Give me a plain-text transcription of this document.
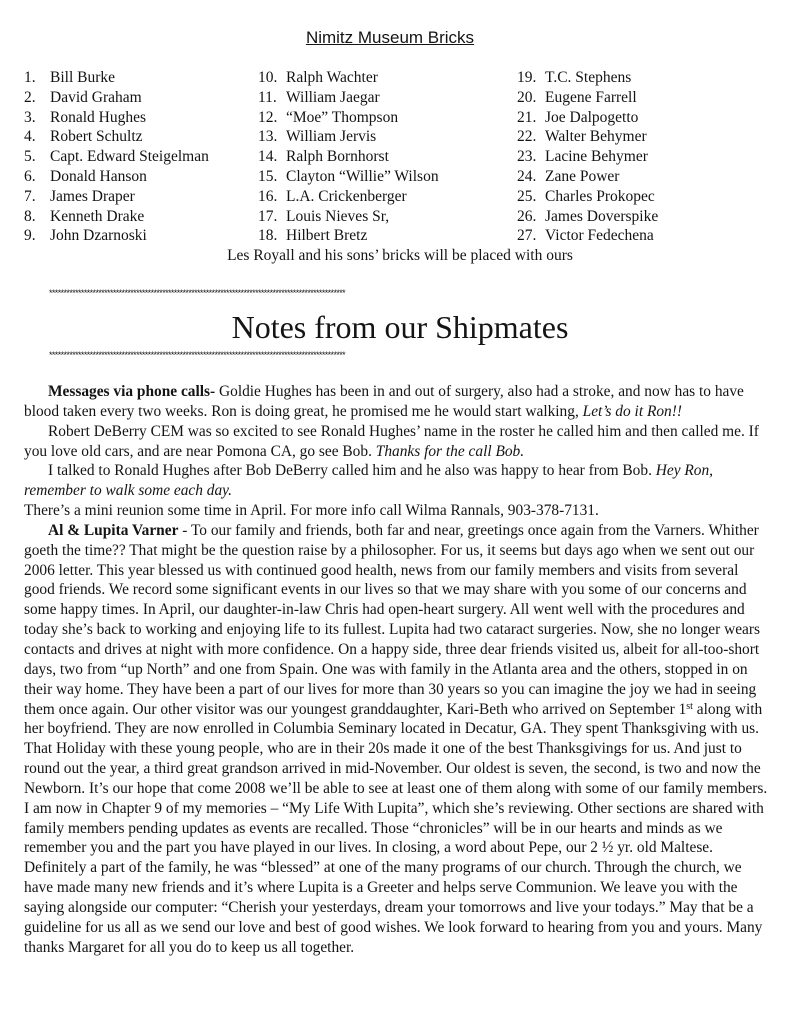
Nimitz Museum Bricks
1. Bill Burke
2. David Graham
3. Ronald Hughes
4. Robert Schultz
5. Capt. Edward Steigelman
6. Donald Hanson
7. James Draper
8. Kenneth Drake
9. John Dzarnoski
10. Ralph Wachter
11. William Jaegar
12. “Moe” Thompson
13. William Jervis
14. Ralph Bornhorst
15. Clayton “Willie” Wilson
16. L.A. Crickenberger
17. Louis Nieves Sr,
18. Hilbert Bretz
19. T.C. Stephens
20. Eugene Farrell
21. Joe Dalpogetto
22. Walter Behymer
23. Lacine Behymer
24. Zane Power
25. Charles Prokopec
26. James Doverspike
27. Victor Fedechena
Les Royall and his sons’ bricks will be placed with ours
******************************************************************************************************
Notes from our Shipmates
******************************************************************************************************

Messages via phone calls- Goldie Hughes has been in and out of surgery, also had a stroke, and now has to have blood taken every two weeks. Ron is doing great, he promised me he would start walking, Let’s do it Ron!!

Robert DeBerry CEM was so excited to see Ronald Hughes’ name in the roster he called him and then called me. If you love old cars, and are near Pomona CA, go see Bob. Thanks for the call Bob.

I talked to Ronald Hughes after Bob DeBerry called him and he also was happy to hear from Bob. Hey Ron, remember to walk some each day.

There’s a mini reunion some time in April. For more info call Wilma Rannals, 903-378-7131.

Al & Lupita Varner - To our family and friends, both far and near, greetings once again from the Varners. Whither goeth the time?? That might be the question raise by a philosopher. For us, it seems but days ago when we sent out our 2006 letter. This year blessed us with continued good health, news from our family members and visits from several good friends. We record some significant events in our lives so that we may share with you some of our concerns and some happy times. In April, our daughter-in-law Chris had open-heart surgery. All went well with the procedures and today she’s back to working and enjoying life to its fullest. Lupita had two cataract surgeries. Now, she no longer wears contacts and drives at night with more confidence. On a happy side, three dear friends visited us, albeit for all-too-short days, two from “up North” and one from Spain. One was with family in the Atlanta area and the others, stopped in on their way home. They have been a part of our lives for more than 30 years so you can imagine the joy we had in seeing them once again. Our other visitor was our youngest granddaughter, Kari-Beth who arrived on September 1st along with her boyfriend. They are now enrolled in Columbia Seminary located in Decatur, GA. They spent Thanksgiving with us. That Holiday with these young people, who are in their 20s made it one of the best Thanksgivings for us. And just to round out the year, a third great grandson arrived in mid-November. Our oldest is seven, the second, is two and now the Newborn. It’s our hope that come 2008 we’ll be able to see at least one of them along with some of our family members. I am now in Chapter 9 of my memories – “My Life With Lupita”, which she’s reviewing. Other sections are shared with family members pending updates as events are recalled. Those “chronicles” will be in our hearts and minds as we remember you and the part you have played in our lives. In closing, a word about Pepe, our 2 ½ yr. old Maltese. Definitely a part of the family, he was “blessed” at one of the many programs of our church. Through the church, we have made many new friends and it’s where Lupita is a Greeter and helps serve Communion. We leave you with the saying alongside our computer: “Cherish your yesterdays, dream your tomorrows and live your todays.” May that be a guideline for us all as we send our love and best of good wishes. We look forward to hearing from you and yours. Many thanks Margaret for all you do to keep us all together.
